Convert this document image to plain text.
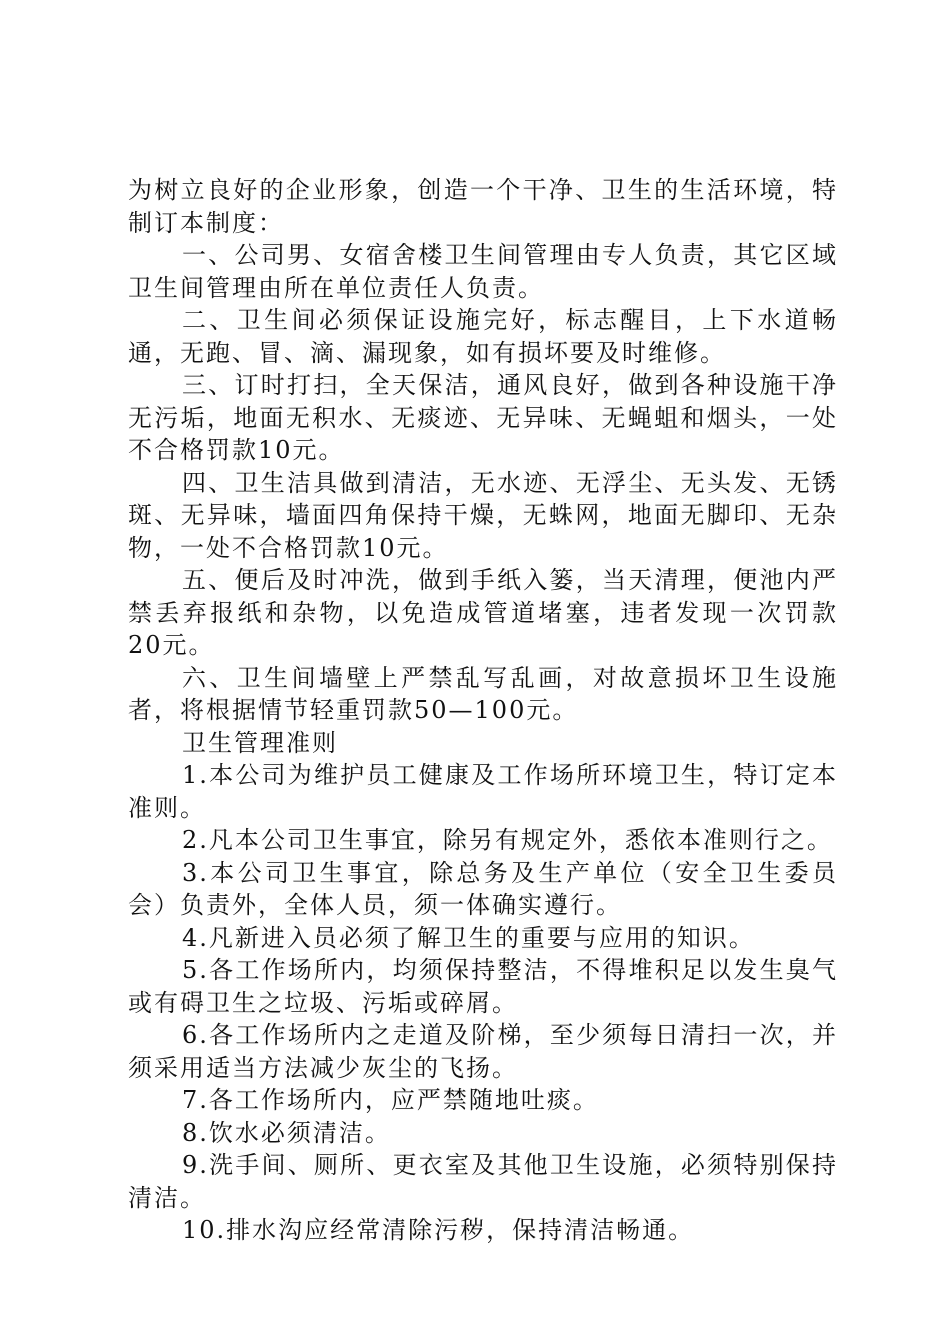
为树立良好的企业形象，创造一个干净、卫生的生活环境，特制订本制度：

一、公司男、女宿舍楼卫生间管理由专人负责，其它区域卫生间管理由所在单位责任人负责。

二、卫生间必须保证设施完好，标志醒目，上下水道畅通，无跑、冒、滴、漏现象，如有损坏要及时维修。

三、订时打扫，全天保洁，通风良好，做到各种设施干净无污垢，地面无积水、无痰迹、无异味、无蝇蛆和烟头，一处不合格罚款10元。

四、卫生洁具做到清洁，无水迹、无浮尘、无头发、无锈斑、无异味，墙面四角保持干燥，无蛛网，地面无脚印、无杂物，一处不合格罚款10元。

五、便后及时冲洗，做到手纸入篓，当天清理，便池内严禁丢弃报纸和杂物，以免造成管道堵塞，违者发现一次罚款20元。

六、卫生间墙壁上严禁乱写乱画，对故意损坏卫生设施者，将根据情节轻重罚款50—100元。

卫生管理准则

1.本公司为维护员工健康及工作场所环境卫生，特订定本准则。

2.凡本公司卫生事宜，除另有规定外，悉依本准则行之。

3.本公司卫生事宜，除总务及生产单位（安全卫生委员会）负责外，全体人员，须一体确实遵行。

4.凡新进入员必须了解卫生的重要与应用的知识。

5.各工作场所内，均须保持整洁，不得堆积足以发生臭气或有碍卫生之垃圾、污垢或碎屑。

6.各工作场所内之走道及阶梯，至少须每日清扫一次，并须采用适当方法减少灰尘的飞扬。

7.各工作场所内，应严禁随地吐痰。

8.饮水必须清洁。

9.洗手间、厕所、更衣室及其他卫生设施，必须特别保持清洁。

10.排水沟应经常清除污秽，保持清洁畅通。
